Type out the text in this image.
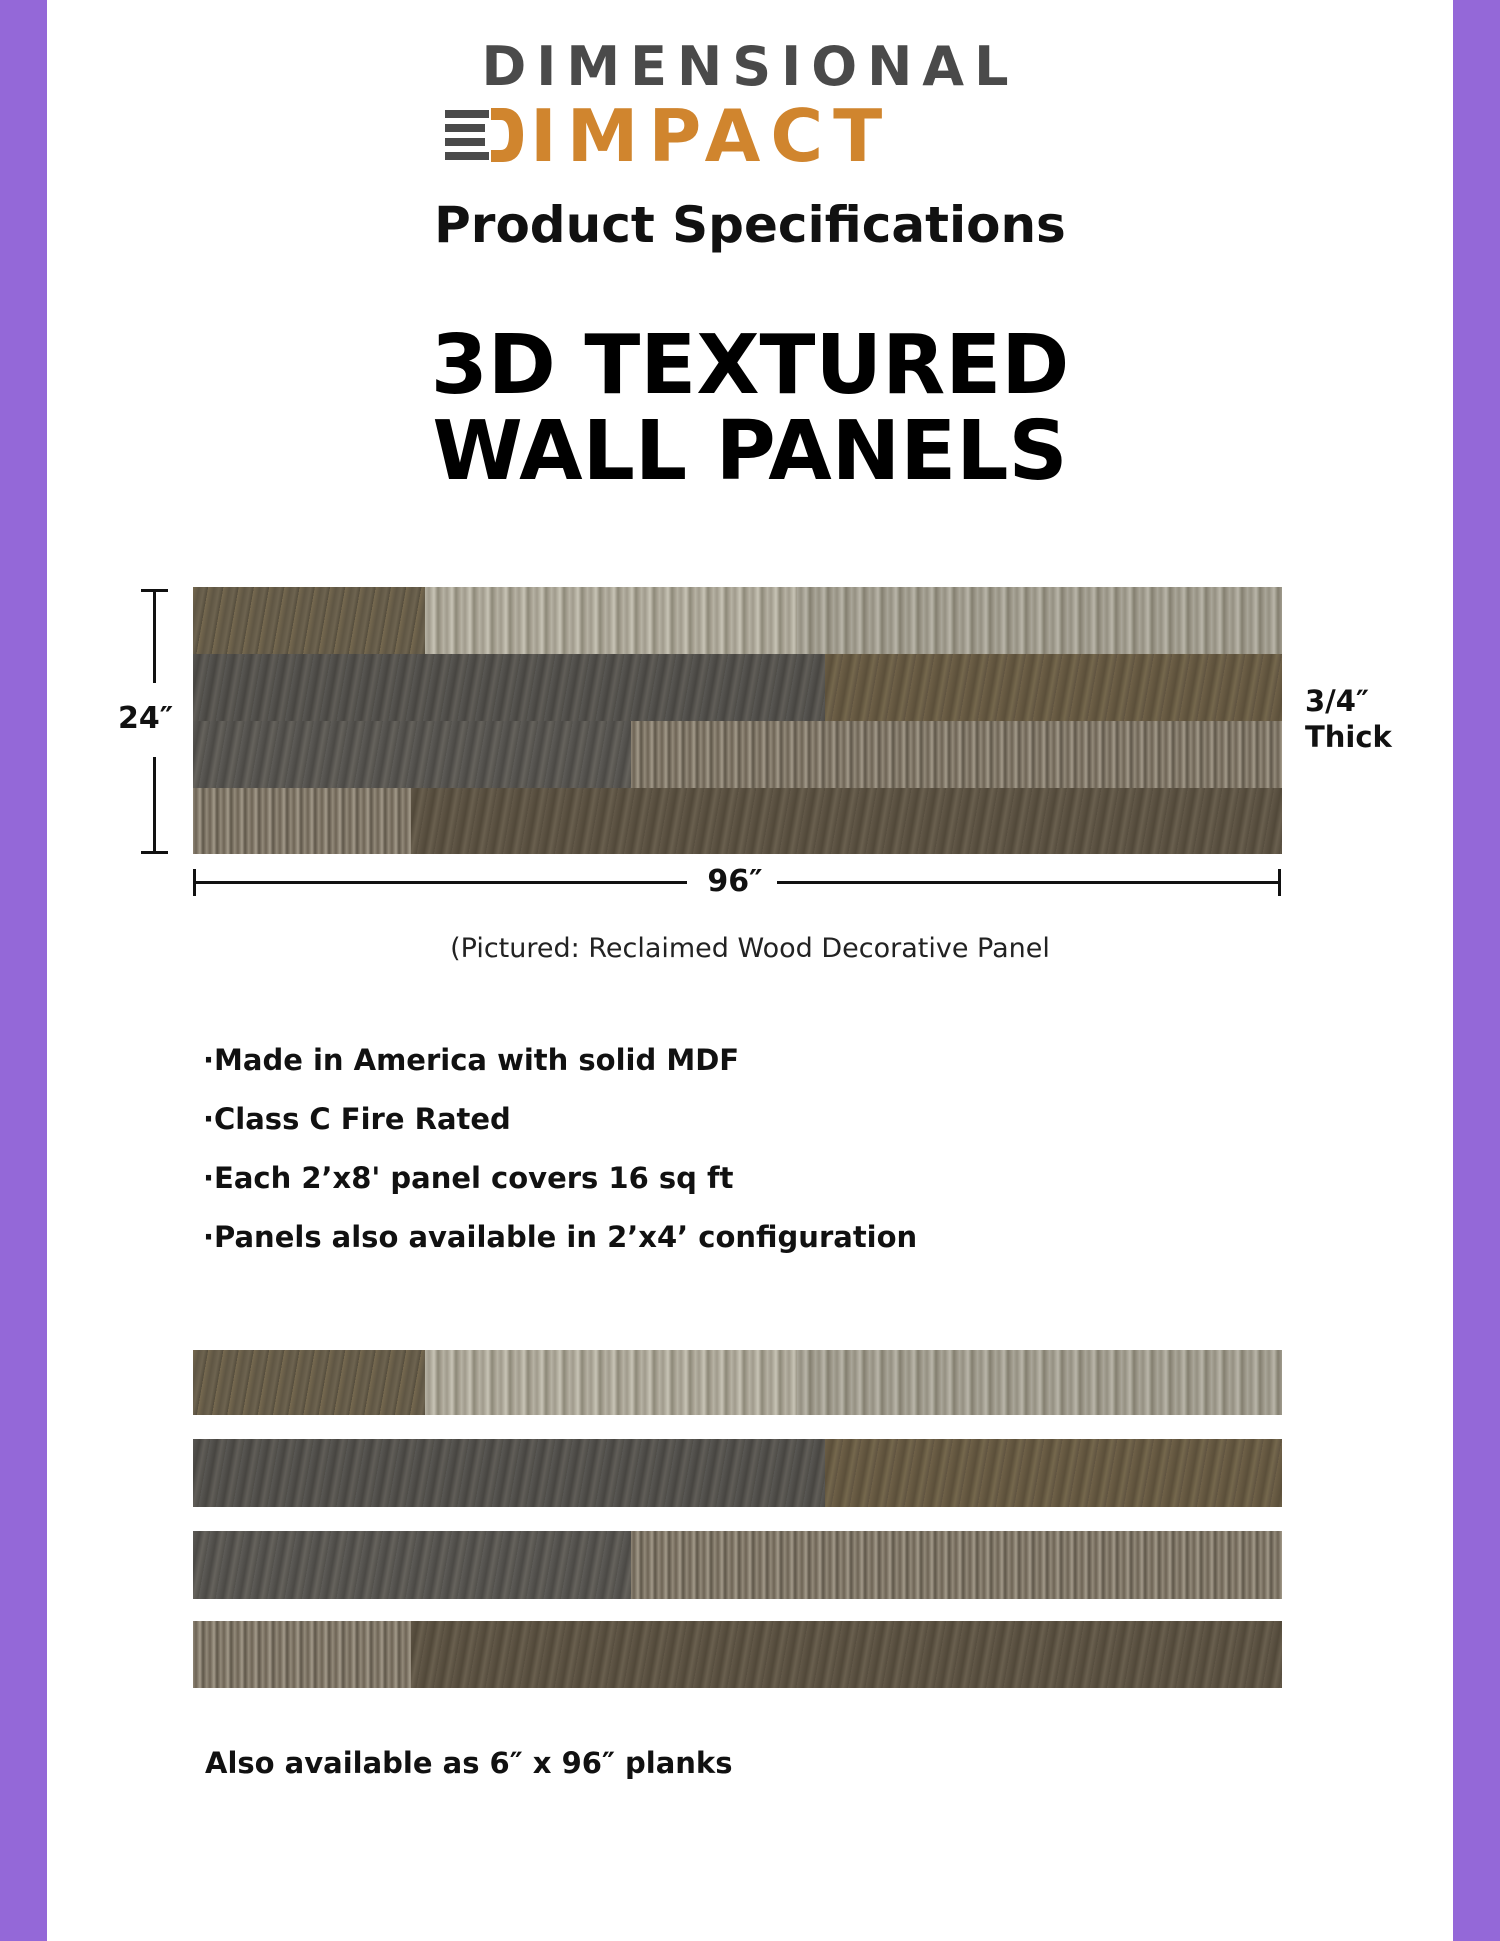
DIMENSIONAL
IMPACT
Product Specifications
3D TEXTURED
WALL PANELS
24″	3/4″
Thick
96″
(Pictured: Reclaimed Wood Decorative Panel
·Made in America with solid MDF
·Class C Fire Rated
·Each 2’x8' panel covers 16 sq ft
·Panels also available in 2’x4’ configuration
Also available as 6″ x 96″ planks
